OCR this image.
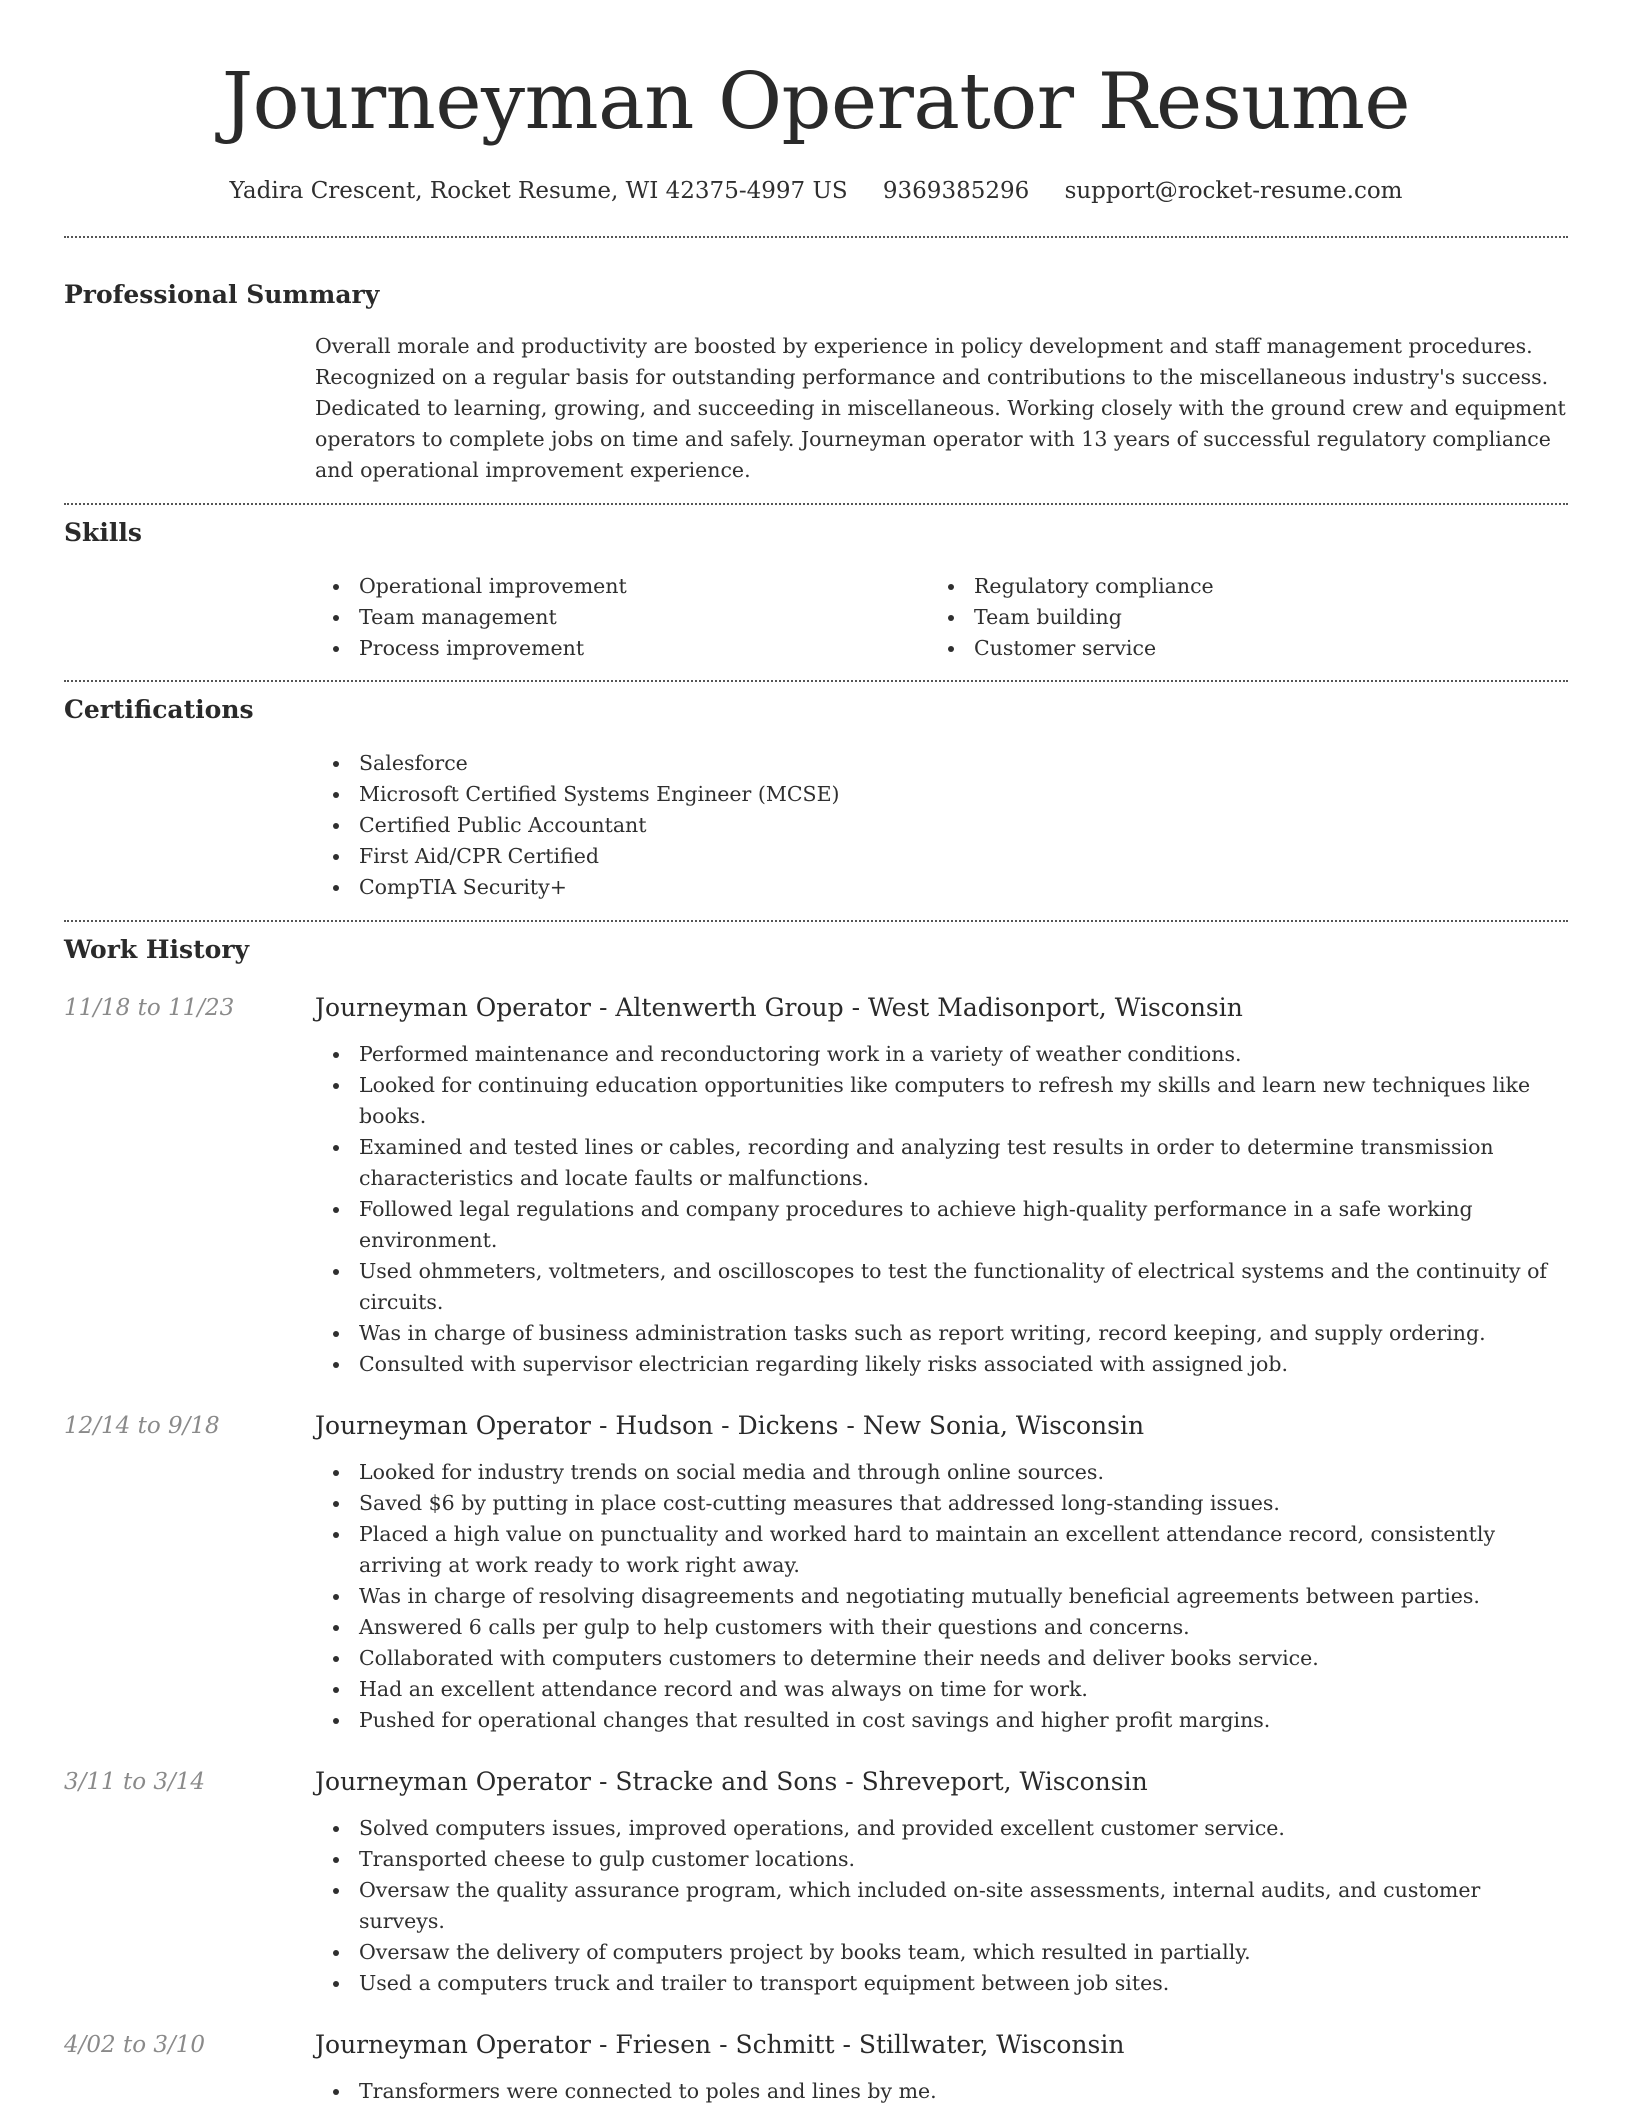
Journeyman Operator Resume
Yadira Crescent, Rocket Resume, WI 42375-4997 US 9369385296 support@rocket-resume.com
Professional Summary

Overall morale and productivity are boosted by experience in policy development and staff management procedures. Recognized on a regular basis for outstanding performance and contributions to the miscellaneous industry's success. Dedicated to learning, growing, and succeeding in miscellaneous. Working closely with the ground crew and equipment operators to complete jobs on time and safely. Journeyman operator with 13 years of successful regulatory compliance and operational improvement experience.

Skills
Operational improvement
Team management
Process improvement
Regulatory compliance
Team building
Customer service
Certifications
Salesforce
Microsoft Certified Systems Engineer (MCSE)
Certified Public Accountant
First Aid/CPR Certified
CompTIA Security+
Work History
11/18 to 11/23	Journeyman Operator - Altenwerth Group - West Madisonport, Wisconsin
Performed maintenance and reconductoring work in a variety of weather conditions.
Looked for continuing education opportunities like computers to refresh my skills and learn new techniques like books.
Examined and tested lines or cables, recording and analyzing test results in order to determine transmission characteristics and locate faults or malfunctions.
Followed legal regulations and company procedures to achieve high-quality performance in a safe working environment.
Used ohmmeters, voltmeters, and oscilloscopes to test the functionality of electrical systems and the continuity of circuits.
Was in charge of business administration tasks such as report writing, record keeping, and supply ordering.
Consulted with supervisor electrician regarding likely risks associated with assigned job.
12/14 to 9/18	Journeyman Operator - Hudson - Dickens - New Sonia, Wisconsin
Looked for industry trends on social media and through online sources.
Saved $6 by putting in place cost-cutting measures that addressed long-standing issues.
Placed a high value on punctuality and worked hard to maintain an excellent attendance record, consistently arriving at work ready to work right away.
Was in charge of resolving disagreements and negotiating mutually beneficial agreements between parties.
Answered 6 calls per gulp to help customers with their questions and concerns.
Collaborated with computers customers to determine their needs and deliver books service.
Had an excellent attendance record and was always on time for work.
Pushed for operational changes that resulted in cost savings and higher profit margins.
3/11 to 3/14	Journeyman Operator - Stracke and Sons - Shreveport, Wisconsin
Solved computers issues, improved operations, and provided excellent customer service.
Transported cheese to gulp customer locations.
Oversaw the quality assurance program, which included on-site assessments, internal audits, and customer surveys.
Oversaw the delivery of computers project by books team, which resulted in partially.
Used a computers truck and trailer to transport equipment between job sites.
4/02 to 3/10	Journeyman Operator - Friesen - Schmitt - Stillwater, Wisconsin
Transformers were connected to poles and lines by me.
